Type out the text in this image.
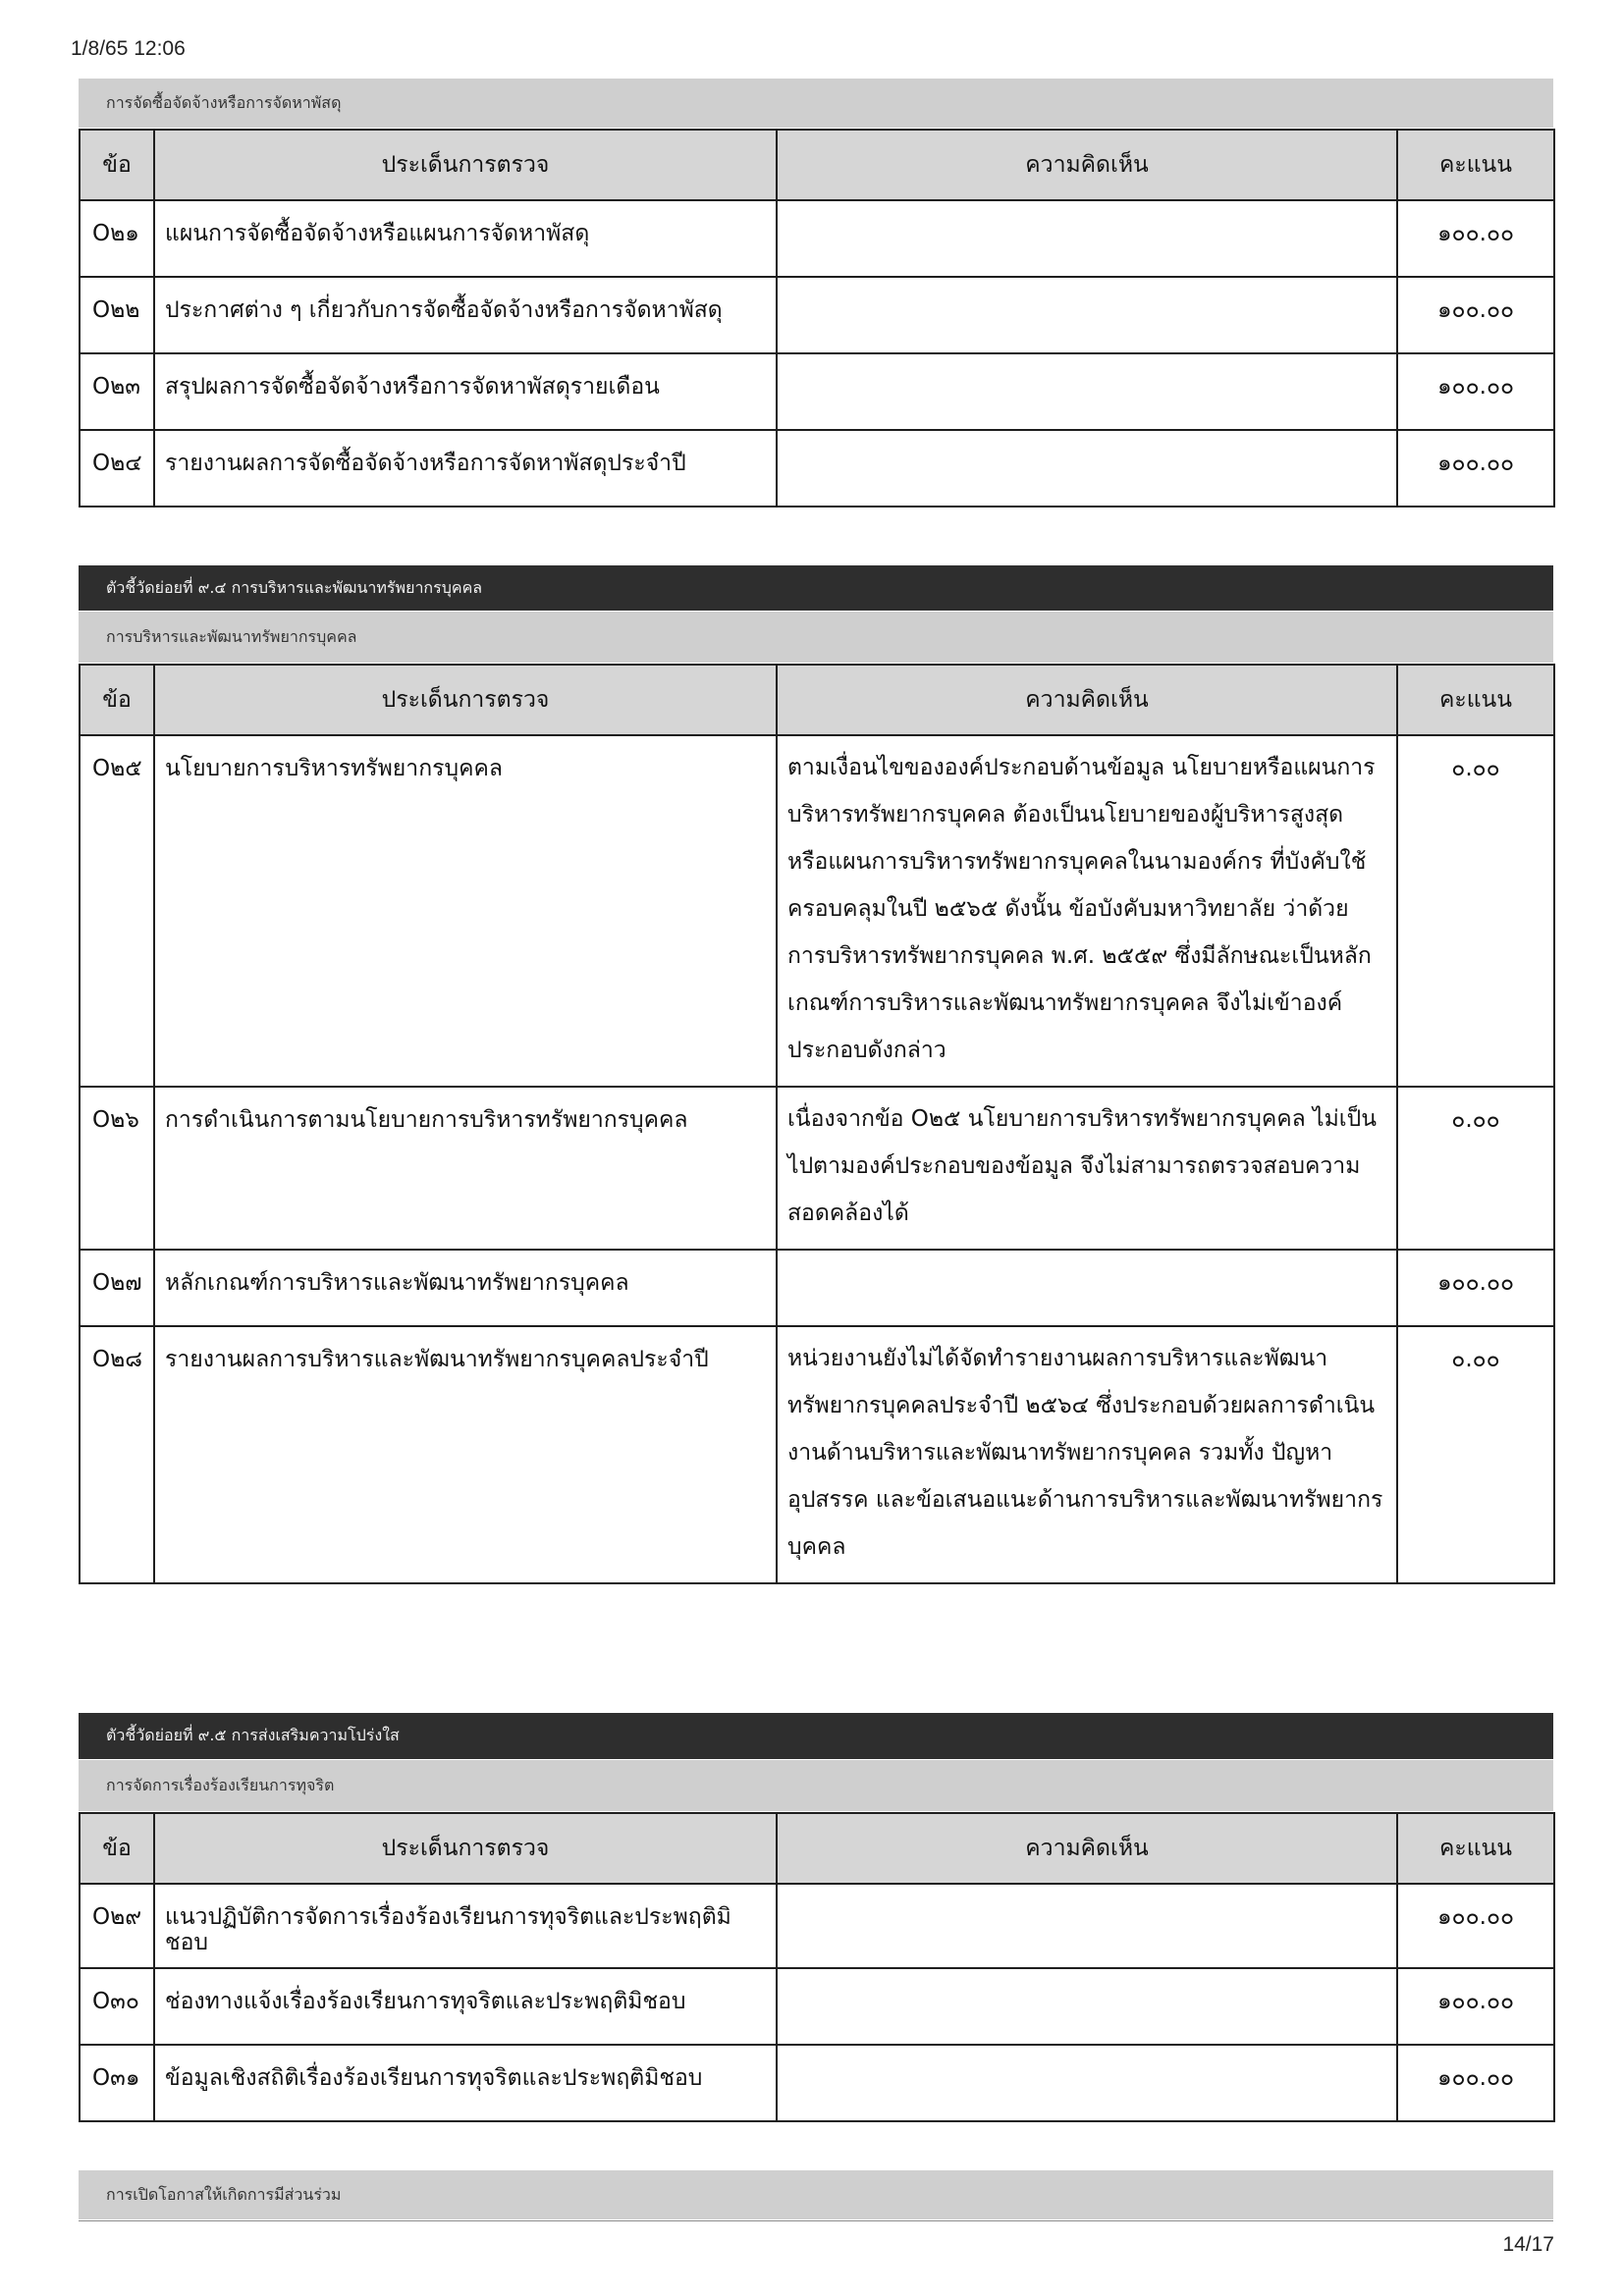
1/8/65 12:06
การจัดซื้อจัดจ้างหรือการจัดหาพัสดุ
ข้อ	ประเด็นการตรวจ	ความคิดเห็น	คะแนน
O๒๑	แผนการจัดซื้อจัดจ้างหรือแผนการจัดหาพัสดุ		๑๐๐.๐๐
O๒๒	ประกาศต่าง ๆ เกี่ยวกับการจัดซื้อจัดจ้างหรือการจัดหาพัสดุ		๑๐๐.๐๐
O๒๓	สรุปผลการจัดซื้อจัดจ้างหรือการจัดหาพัสดุรายเดือน		๑๐๐.๐๐
O๒๔	รายงานผลการจัดซื้อจัดจ้างหรือการจัดหาพัสดุประจำปี		๑๐๐.๐๐
ตัวชี้วัดย่อยที่ ๙.๔ การบริหารและพัฒนาทรัพยากรบุคคล
การบริหารและพัฒนาทรัพยากรบุคคล
ข้อ	ประเด็นการตรวจ	ความคิดเห็น	คะแนน
O๒๕	นโยบายการบริหารทรัพยากรบุคคล	ตามเงื่อนไขขององค์ประกอบด้านข้อมูล นโยบายหรือแผนการบริหารทรัพยากรบุคคล ต้องเป็นนโยบายของผู้บริหารสูงสุด หรือแผนการบริหารทรัพยากรบุคคลในนามองค์กร ที่บังคับใช้ครอบคลุมในปี ๒๕๖๕ ดังนั้น ข้อบังคับมหาวิทยาลัย ว่าด้วยการบริหารทรัพยากรบุคคล พ.ศ. ๒๕๕๙ ซึ่งมีลักษณะเป็นหลักเกณฑ์การบริหารและพัฒนาทรัพยากรบุคคล จึงไม่เข้าองค์ประกอบดังกล่าว	๐.๐๐
O๒๖	การดำเนินการตามนโยบายการบริหารทรัพยากรบุคคล	เนื่องจากข้อ O๒๕ นโยบายการบริหารทรัพยากรบุคคล ไม่เป็นไปตามองค์ประกอบของข้อมูล จึงไม่สามารถตรวจสอบความสอดคล้องได้	๐.๐๐
O๒๗	หลักเกณฑ์การบริหารและพัฒนาทรัพยากรบุคคล		๑๐๐.๐๐
O๒๘	รายงานผลการบริหารและพัฒนาทรัพยากรบุคคลประจำปี	หน่วยงานยังไม่ได้จัดทำรายงานผลการบริหารและพัฒนาทรัพยากรบุคคลประจำปี ๒๕๖๔ ซึ่งประกอบด้วยผลการดำเนินงานด้านบริหารและพัฒนาทรัพยากรบุคคล รวมทั้ง ปัญหา อุปสรรค และข้อเสนอแนะด้านการบริหารและพัฒนาทรัพยากรบุคคล	๐.๐๐
ตัวชี้วัดย่อยที่ ๙.๕ การส่งเสริมความโปร่งใส
การจัดการเรื่องร้องเรียนการทุจริต
ข้อ	ประเด็นการตรวจ	ความคิดเห็น	คะแนน
O๒๙	แนวปฏิบัติการจัดการเรื่องร้องเรียนการทุจริตและประพฤติมิชอบ		๑๐๐.๐๐
O๓๐	ช่องทางแจ้งเรื่องร้องเรียนการทุจริตและประพฤติมิชอบ		๑๐๐.๐๐
O๓๑	ข้อมูลเชิงสถิติเรื่องร้องเรียนการทุจริตและประพฤติมิชอบ		๑๐๐.๐๐
การเปิดโอกาสให้เกิดการมีส่วนร่วม
14/17
